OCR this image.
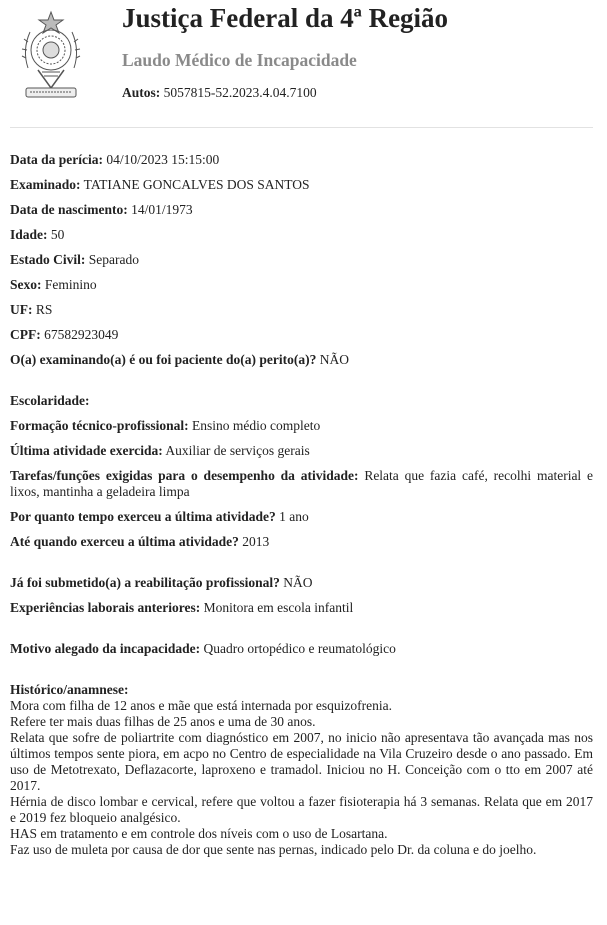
Justiça Federal da 4ª Região
Laudo Médico de Incapacidade
Autos: 5057815-52.2023.4.04.7100
Data da perícia: 04/10/2023 15:15:00
Examinado: TATIANE GONCALVES DOS SANTOS
Data de nascimento: 14/01/1973
Idade: 50
Estado Civil: Separado
Sexo: Feminino
UF: RS
CPF: 67582923049
O(a) examinando(a) é ou foi paciente do(a) perito(a)? NÃO
Escolaridade:
Formação técnico-profissional: Ensino médio completo
Última atividade exercida: Auxiliar de serviços gerais
Tarefas/funções exigidas para o desempenho da atividade: Relata que fazia café, recolhi material e lixos, mantinha a geladeira limpa
Por quanto tempo exerceu a última atividade? 1 ano
Até quando exerceu a última atividade? 2013
Já foi submetido(a) a reabilitação profissional? NÃO
Experiências laborais anteriores: Monitora em escola infantil
Motivo alegado da incapacidade: Quadro ortopédico e reumatológico
Histórico/anamnese:
Mora com filha de 12 anos e mãe que está internada por esquizofrenia.
Refere ter mais duas filhas de 25 anos e uma de 30 anos.
Relata que sofre de poliartrite com diagnóstico em 2007, no inicio não apresentava tão avançada mas nos últimos tempos sente piora, em acpo no Centro de especialidade na Vila Cruzeiro desde o ano passado. Em uso de Metotrexato, Deflazacorte, laproxeno e tramadol. Iniciou no H. Conceição com o tto em 2007 até 2017.
Hérnia de disco lombar e cervical, refere que voltou a fazer fisioterapia há 3 semanas. Relata que em 2017 e 2019 fez bloqueio analgésico.
HAS em tratamento e em controle dos níveis com o uso de Losartana.
Faz uso de muleta por causa de dor que sente nas pernas, indicado pelo Dr. da coluna e do joelho.
